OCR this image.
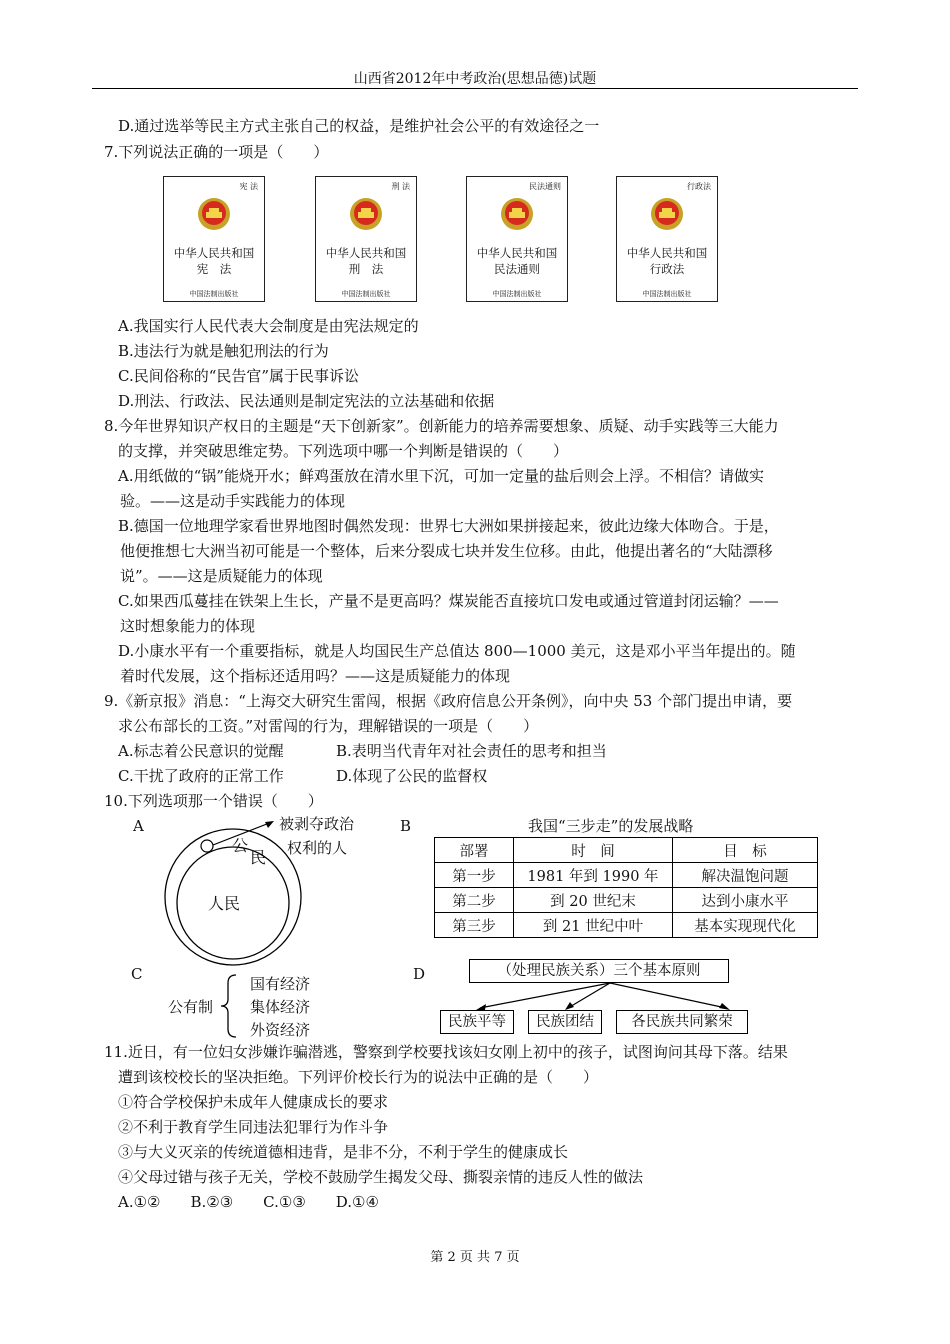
山西省2012年中考政治(思想品德)试题
D.通过选举等民主方式主张自己的权益，是维护社会公平的有效途径之一
7.下列说法正确的一项是（　　）
宪 法
中华人民共和国
宪　法
中国法制出版社
刑 法
中华人民共和国
刑　法
中国法制出版社
民法通则
中华人民共和国
民法通则
中国法制出版社
行政法
中华人民共和国
行政法
中国法制出版社
A.我国实行人民代表大会制度是由宪法规定的
B.违法行为就是触犯刑法的行为
C.民间俗称的“民告官”属于民事诉讼
D.刑法、行政法、民法通则是制定宪法的立法基础和依据
8.今年世界知识产权日的主题是“天下创新家”。创新能力的培养需要想象、质疑、动手实践等三大能力
的支撑，并突破思维定势。下列选项中哪一个判断是错误的（　　）
A.用纸做的“锅”能烧开水；鲜鸡蛋放在清水里下沉，可加一定量的盐后则会上浮。不相信？请做实
验。——这是动手实践能力的体现
B.德国一位地理学家看世界地图时偶然发现：世界七大洲如果拼接起来，彼此边缘大体吻合。于是，
他便推想七大洲当初可能是一个整体，后来分裂成七块并发生位移。由此，他提出著名的“大陆漂移
说”。——这是质疑能力的体现
C.如果西瓜蔓挂在铁架上生长，产量不是更高吗？煤炭能否直接坑口发电或通过管道封闭运输？——
这时想象能力的体现
D.小康水平有一个重要指标，就是人均国民生产总值达 800—1000 美元，这是邓小平当年提出的。随
着时代发展，这个指标还适用吗？——这是质疑能力的体现
9.《新京报》消息：“上海交大研究生雷闯，根据《政府信息公开条例》，向中央 53 个部门提出申请，要
求公布部长的工资。”对雷闯的行为，理解错误的一项是（　　）
A.标志着公民意识的觉醒	B.表明当代青年对社会责任的思考和担当
C.干扰了政府的正常工作	D.体现了公民的监督权
10.下列选项那一个错误（　　）
A	被剥夺政治
权利的人
公
民
人民
B	我国“三步走”的发展战略
部署	时　间	目　标
第一步	1981 年到 1990 年	解决温饱问题
第二步	到 20 世纪末	达到小康水平
第三步	到 21 世纪中叶	基本实现现代化
C
公有制
国有经济
集体经济
外资经济
D	（处理民族关系）三个基本原则
民族平等	民族团结	各民族共同繁荣
11.近日，有一位妇女涉嫌诈骗潜逃，警察到学校要找该妇女刚上初中的孩子，试图询问其母下落。结果
遭到该校校长的坚决拒绝。下列评价校长行为的说法中正确的是（　　）
①符合学校保护未成年人健康成长的要求
②不利于教育学生同违法犯罪行为作斗争
③与大义灭亲的传统道德相违背，是非不分，不利于学生的健康成长
④父母过错与孩子无关，学校不鼓励学生揭发父母、撕裂亲情的违反人性的做法
A.①②　　B.②③　　C.①③　　D.①④
第 2 页 共 7 页
